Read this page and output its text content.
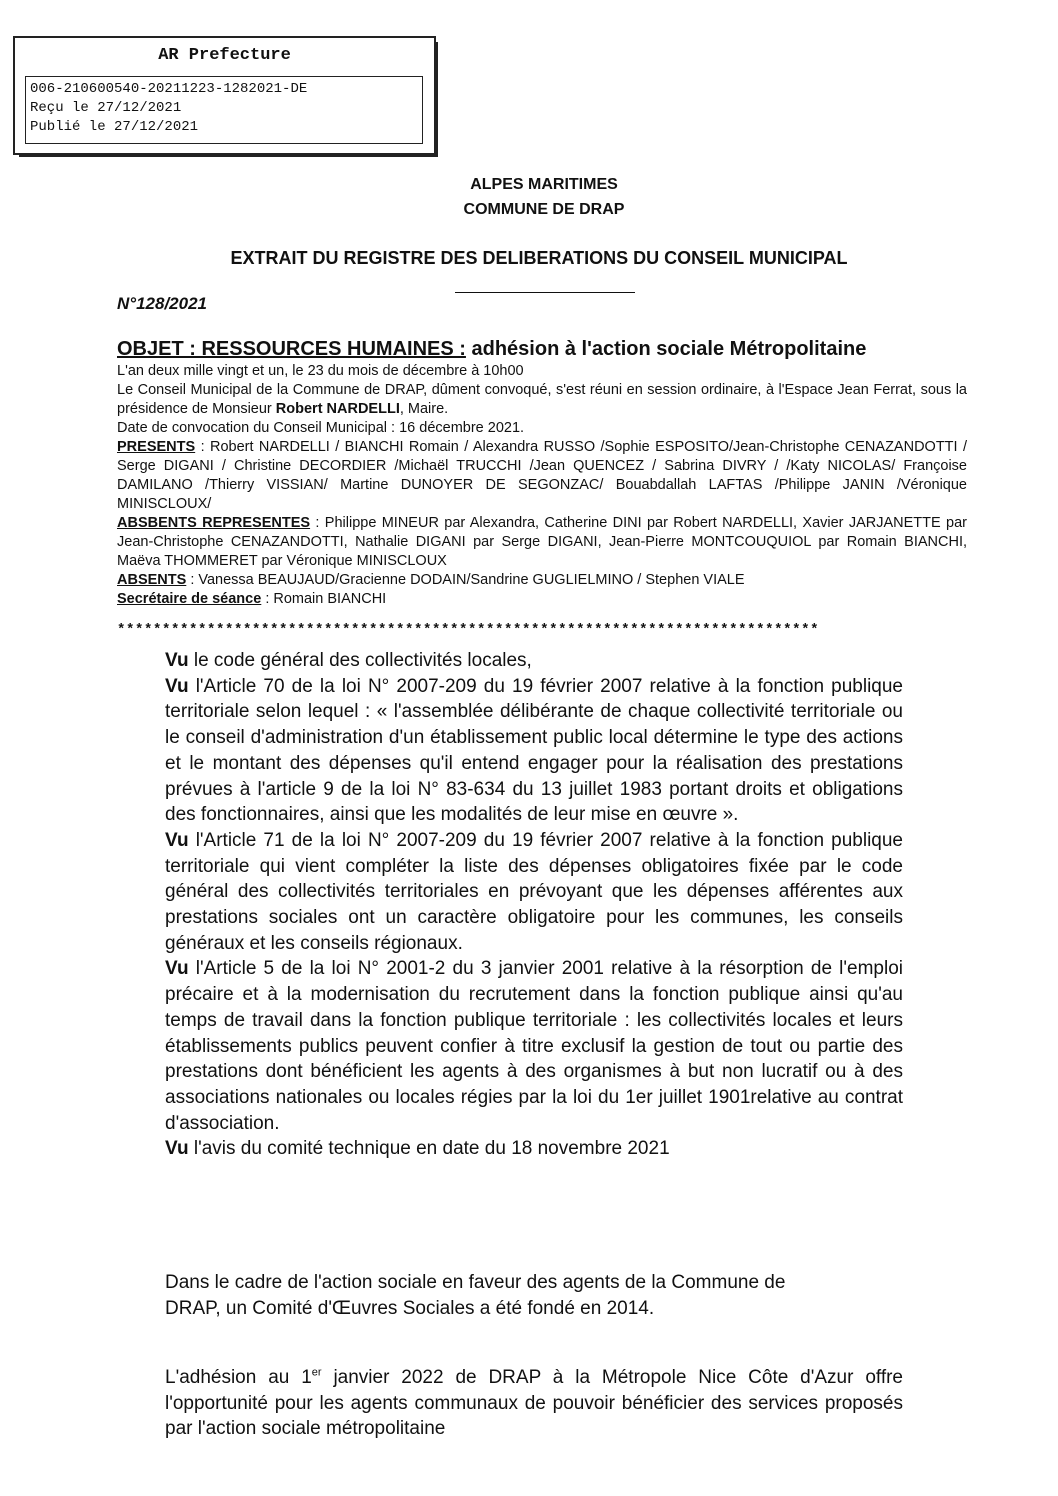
AR Prefecture
006-210600540-20211223-1282021-DE
Reçu le 27/12/2021
Publié le 27/12/2021
ALPES MARITIMES
COMMUNE DE DRAP
EXTRAIT DU REGISTRE DES DELIBERATIONS DU CONSEIL MUNICIPAL
N°128/2021
OBJET : RESSOURCES HUMAINES : adhésion à l'action sociale Métropolitaine
L'an deux mille vingt et un, le 23 du mois de décembre à 10h00
Le Conseil Municipal de la Commune de DRAP, dûment convoqué, s'est réuni en session ordinaire, à l'Espace Jean Ferrat, sous la présidence de Monsieur Robert NARDELLI, Maire.
Date de convocation du Conseil Municipal : 16 décembre 2021.
PRESENTS : Robert NARDELLI / BIANCHI Romain / Alexandra RUSSO /Sophie ESPOSITO/Jean-Christophe CENAZANDOTTI / Serge DIGANI / Christine DECORDIER /Michaël TRUCCHI /Jean QUENCEZ / Sabrina DIVRY / /Katy NICOLAS/ Françoise DAMILANO /Thierry VISSIAN/ Martine DUNOYER DE SEGONZAC/ Bouabdallah LAFTAS /Philippe JANIN /Véronique MINISCLOUX/
ABSBENTS REPRESENTES : Philippe MINEUR par Alexandra, Catherine DINI par Robert NARDELLI, Xavier JARJANETTE par Jean-Christophe CENAZANDOTTI, Nathalie DIGANI par Serge DIGANI, Jean-Pierre MONTCOUQUIOL par Romain BIANCHI, Maëva THOMMERET par Véronique MINISCLOUX
ABSENTS : Vanessa BEAUJAUD/Gracienne DODAIN/Sandrine GUGLIELMINO / Stephen VIALE
Secrétaire de séance : Romain BIANCHI
******************************************************************************
Vu le code général des collectivités locales,
Vu l'Article 70 de la loi N° 2007-209 du 19 février 2007 relative à la fonction publique territoriale selon lequel : « l'assemblée délibérante de chaque collectivité territoriale ou le conseil d'administration d'un établissement public local détermine le type des actions et le montant des dépenses qu'il entend engager pour la réalisation des prestations prévues à l'article 9 de la loi N° 83-634 du 13 juillet 1983 portant droits et obligations des fonctionnaires, ainsi que les modalités de leur mise en œuvre ».
Vu l'Article 71 de la loi N° 2007-209 du 19 février 2007 relative à la fonction publique territoriale qui vient compléter la liste des dépenses obligatoires fixée par le code général des collectivités territoriales en prévoyant que les dépenses afférentes aux prestations sociales ont un caractère obligatoire pour les communes, les conseils généraux et les conseils régionaux.
Vu l'Article 5 de la loi N° 2001-2 du 3 janvier 2001 relative à la résorption de l'emploi précaire et à la modernisation du recrutement dans la fonction publique ainsi qu'au temps de travail dans la fonction publique territoriale : les collectivités locales et leurs établissements publics peuvent confier à titre exclusif la gestion de tout ou partie des prestations dont bénéficient les agents à des organismes à but non lucratif ou à des associations nationales ou locales régies par la loi du 1er juillet 1901relative au contrat d'association.
Vu l'avis du comité technique en date du 18 novembre 2021
Dans le cadre de l'action sociale en faveur des agents de la Commune de DRAP, un Comité d'Œuvres Sociales a été fondé en 2014.
L'adhésion au 1er janvier 2022 de DRAP à la Métropole Nice Côte d'Azur offre l'opportunité pour les agents communaux de pouvoir bénéficier des services proposés par l'action sociale métropolitaine
